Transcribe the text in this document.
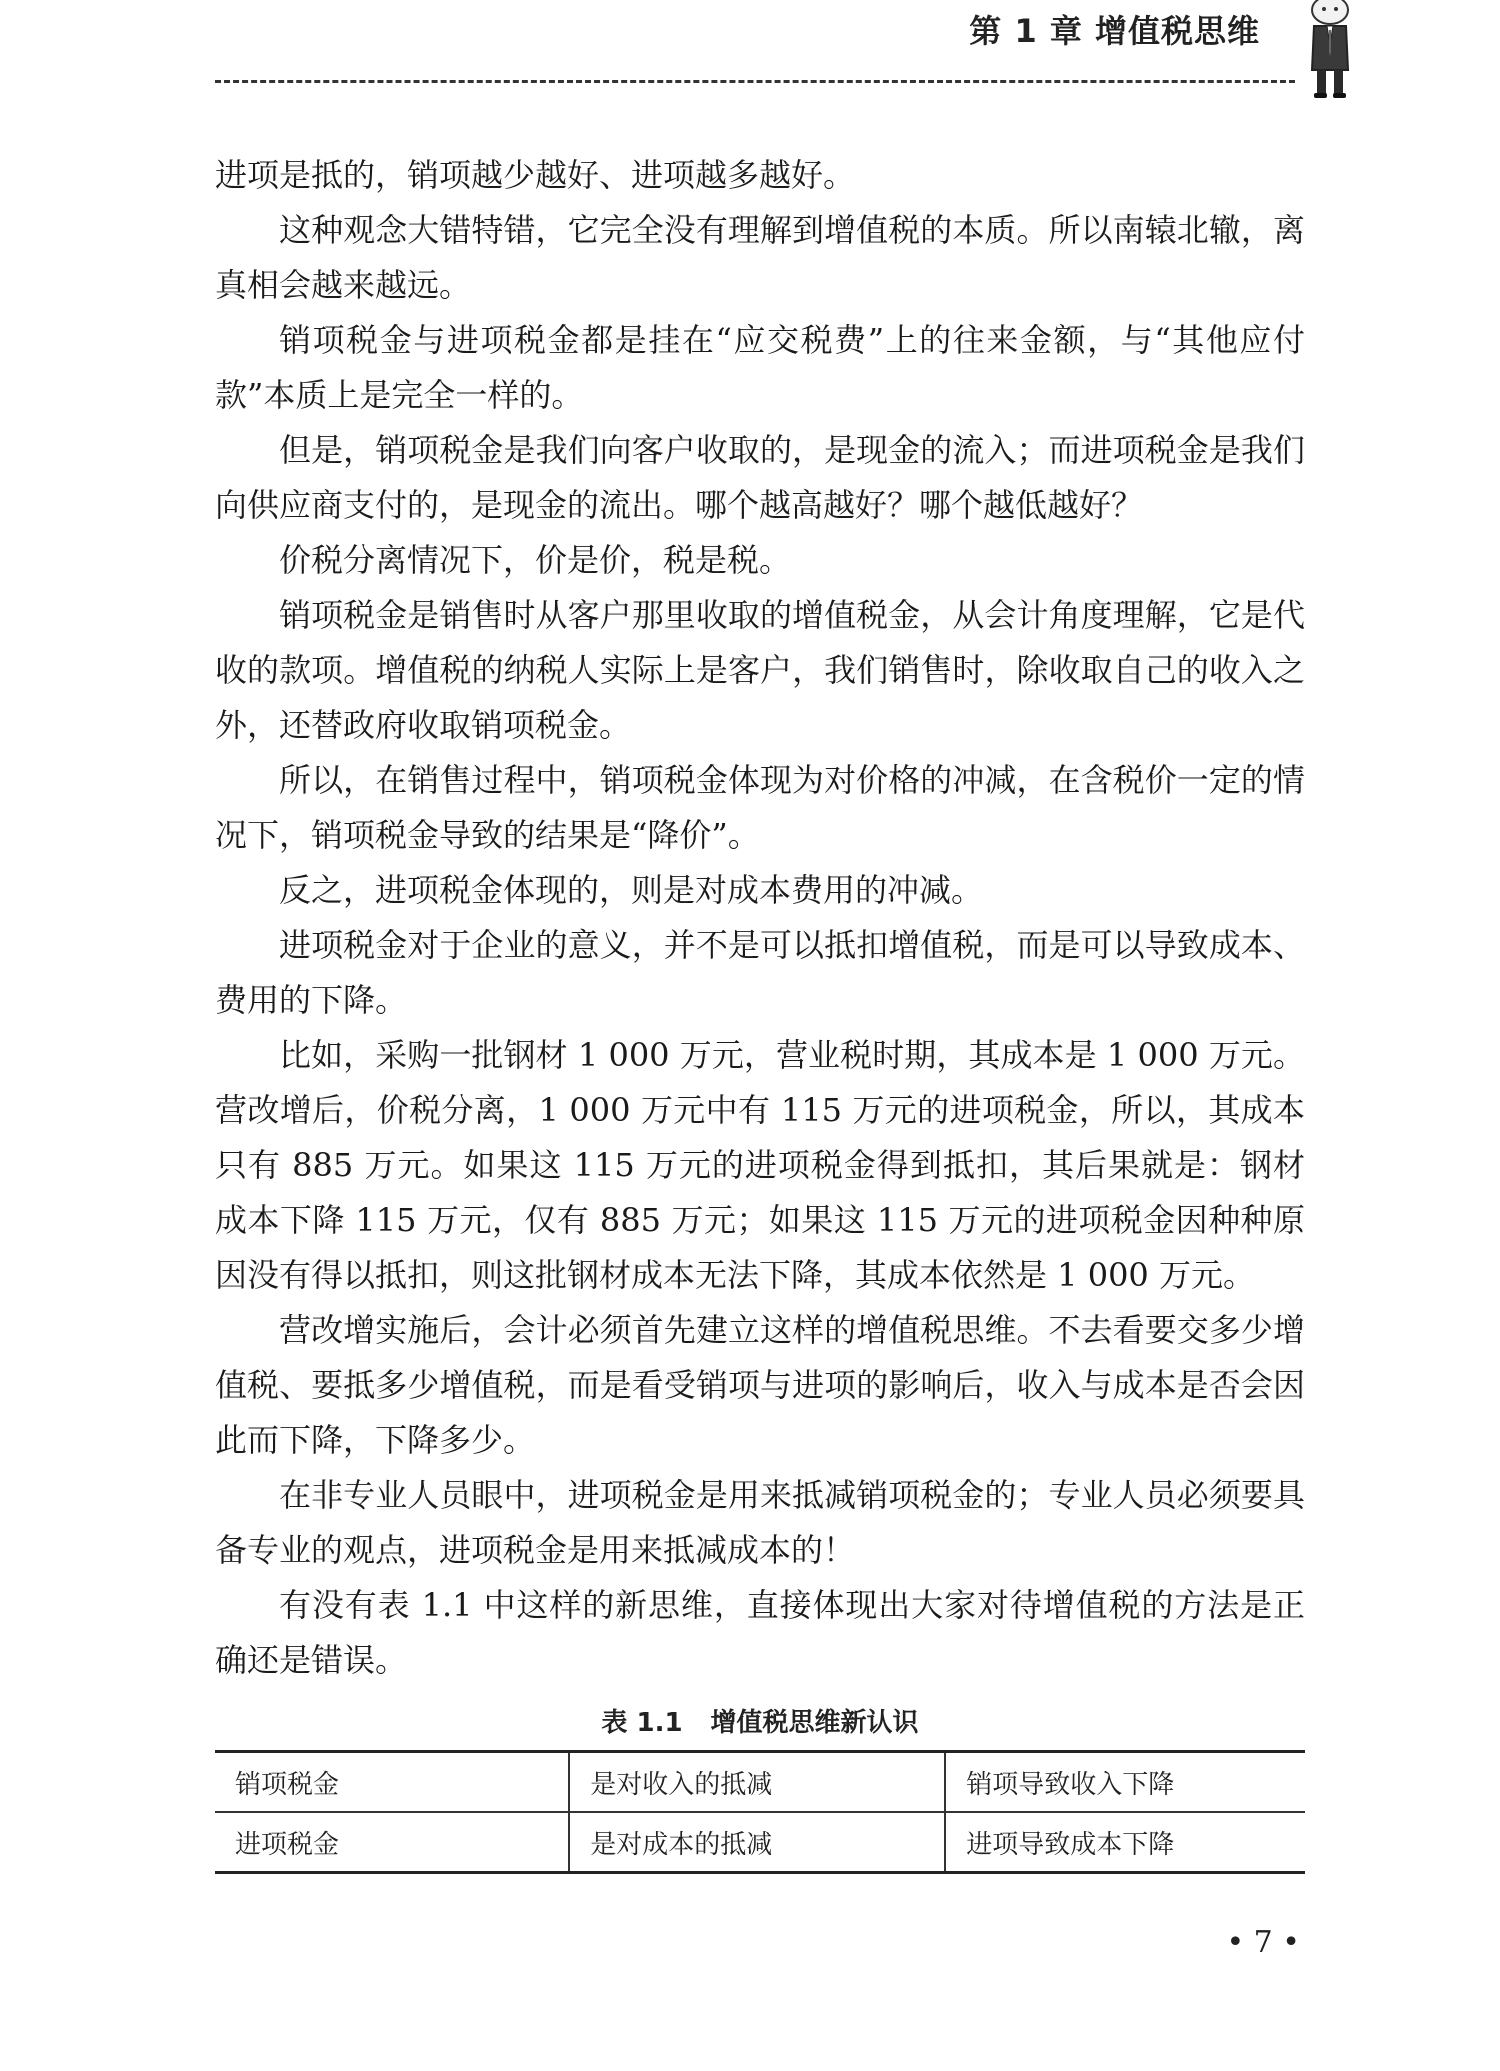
第 1 章 增值税思维

进项是抵的，销项越少越好、进项越多越好。

这种观念大错特错，它完全没有理解到增值税的本质。所以南辕北辙，离真相会越来越远。

销项税金与进项税金都是挂在“应交税费”上的往来金额，与“其他应付款”本质上是完全一样的。

但是，销项税金是我们向客户收取的，是现金的流入；而进项税金是我们向供应商支付的，是现金的流出。哪个越高越好？哪个越低越好？

价税分离情况下，价是价，税是税。

销项税金是销售时从客户那里收取的增值税金，从会计角度理解，它是代收的款项。增值税的纳税人实际上是客户，我们销售时，除收取自己的收入之外，还替政府收取销项税金。

所以，在销售过程中，销项税金体现为对价格的冲减，在含税价一定的情况下，销项税金导致的结果是“降价”。

反之，进项税金体现的，则是对成本费用的冲减。

进项税金对于企业的意义，并不是可以抵扣增值税，而是可以导致成本、费用的下降。

比如，采购一批钢材 1 000 万元，营业税时期，其成本是 1 000 万元。营改增后，价税分离，1 000 万元中有 115 万元的进项税金，所以，其成本只有 885 万元。如果这 115 万元的进项税金得到抵扣，其后果就是：钢材成本下降 115 万元，仅有 885 万元；如果这 115 万元的进项税金因种种原因没有得以抵扣，则这批钢材成本无法下降，其成本依然是 1 000 万元。

营改增实施后，会计必须首先建立这样的增值税思维。不去看要交多少增值税、要抵多少增值税，而是看受销项与进项的影响后，收入与成本是否会因此而下降，下降多少。

在非专业人员眼中，进项税金是用来抵减销项税金的；专业人员必须要具备专业的观点，进项税金是用来抵减成本的！

有没有表 1.1 中这样的新思维，直接体现出大家对待增值税的方法是正确还是错误。

表 1.1 增值税思维新认识
销项税金	是对收入的抵减	销项导致收入下降
进项税金	是对成本的抵减	进项导致成本下降
• 7 •
